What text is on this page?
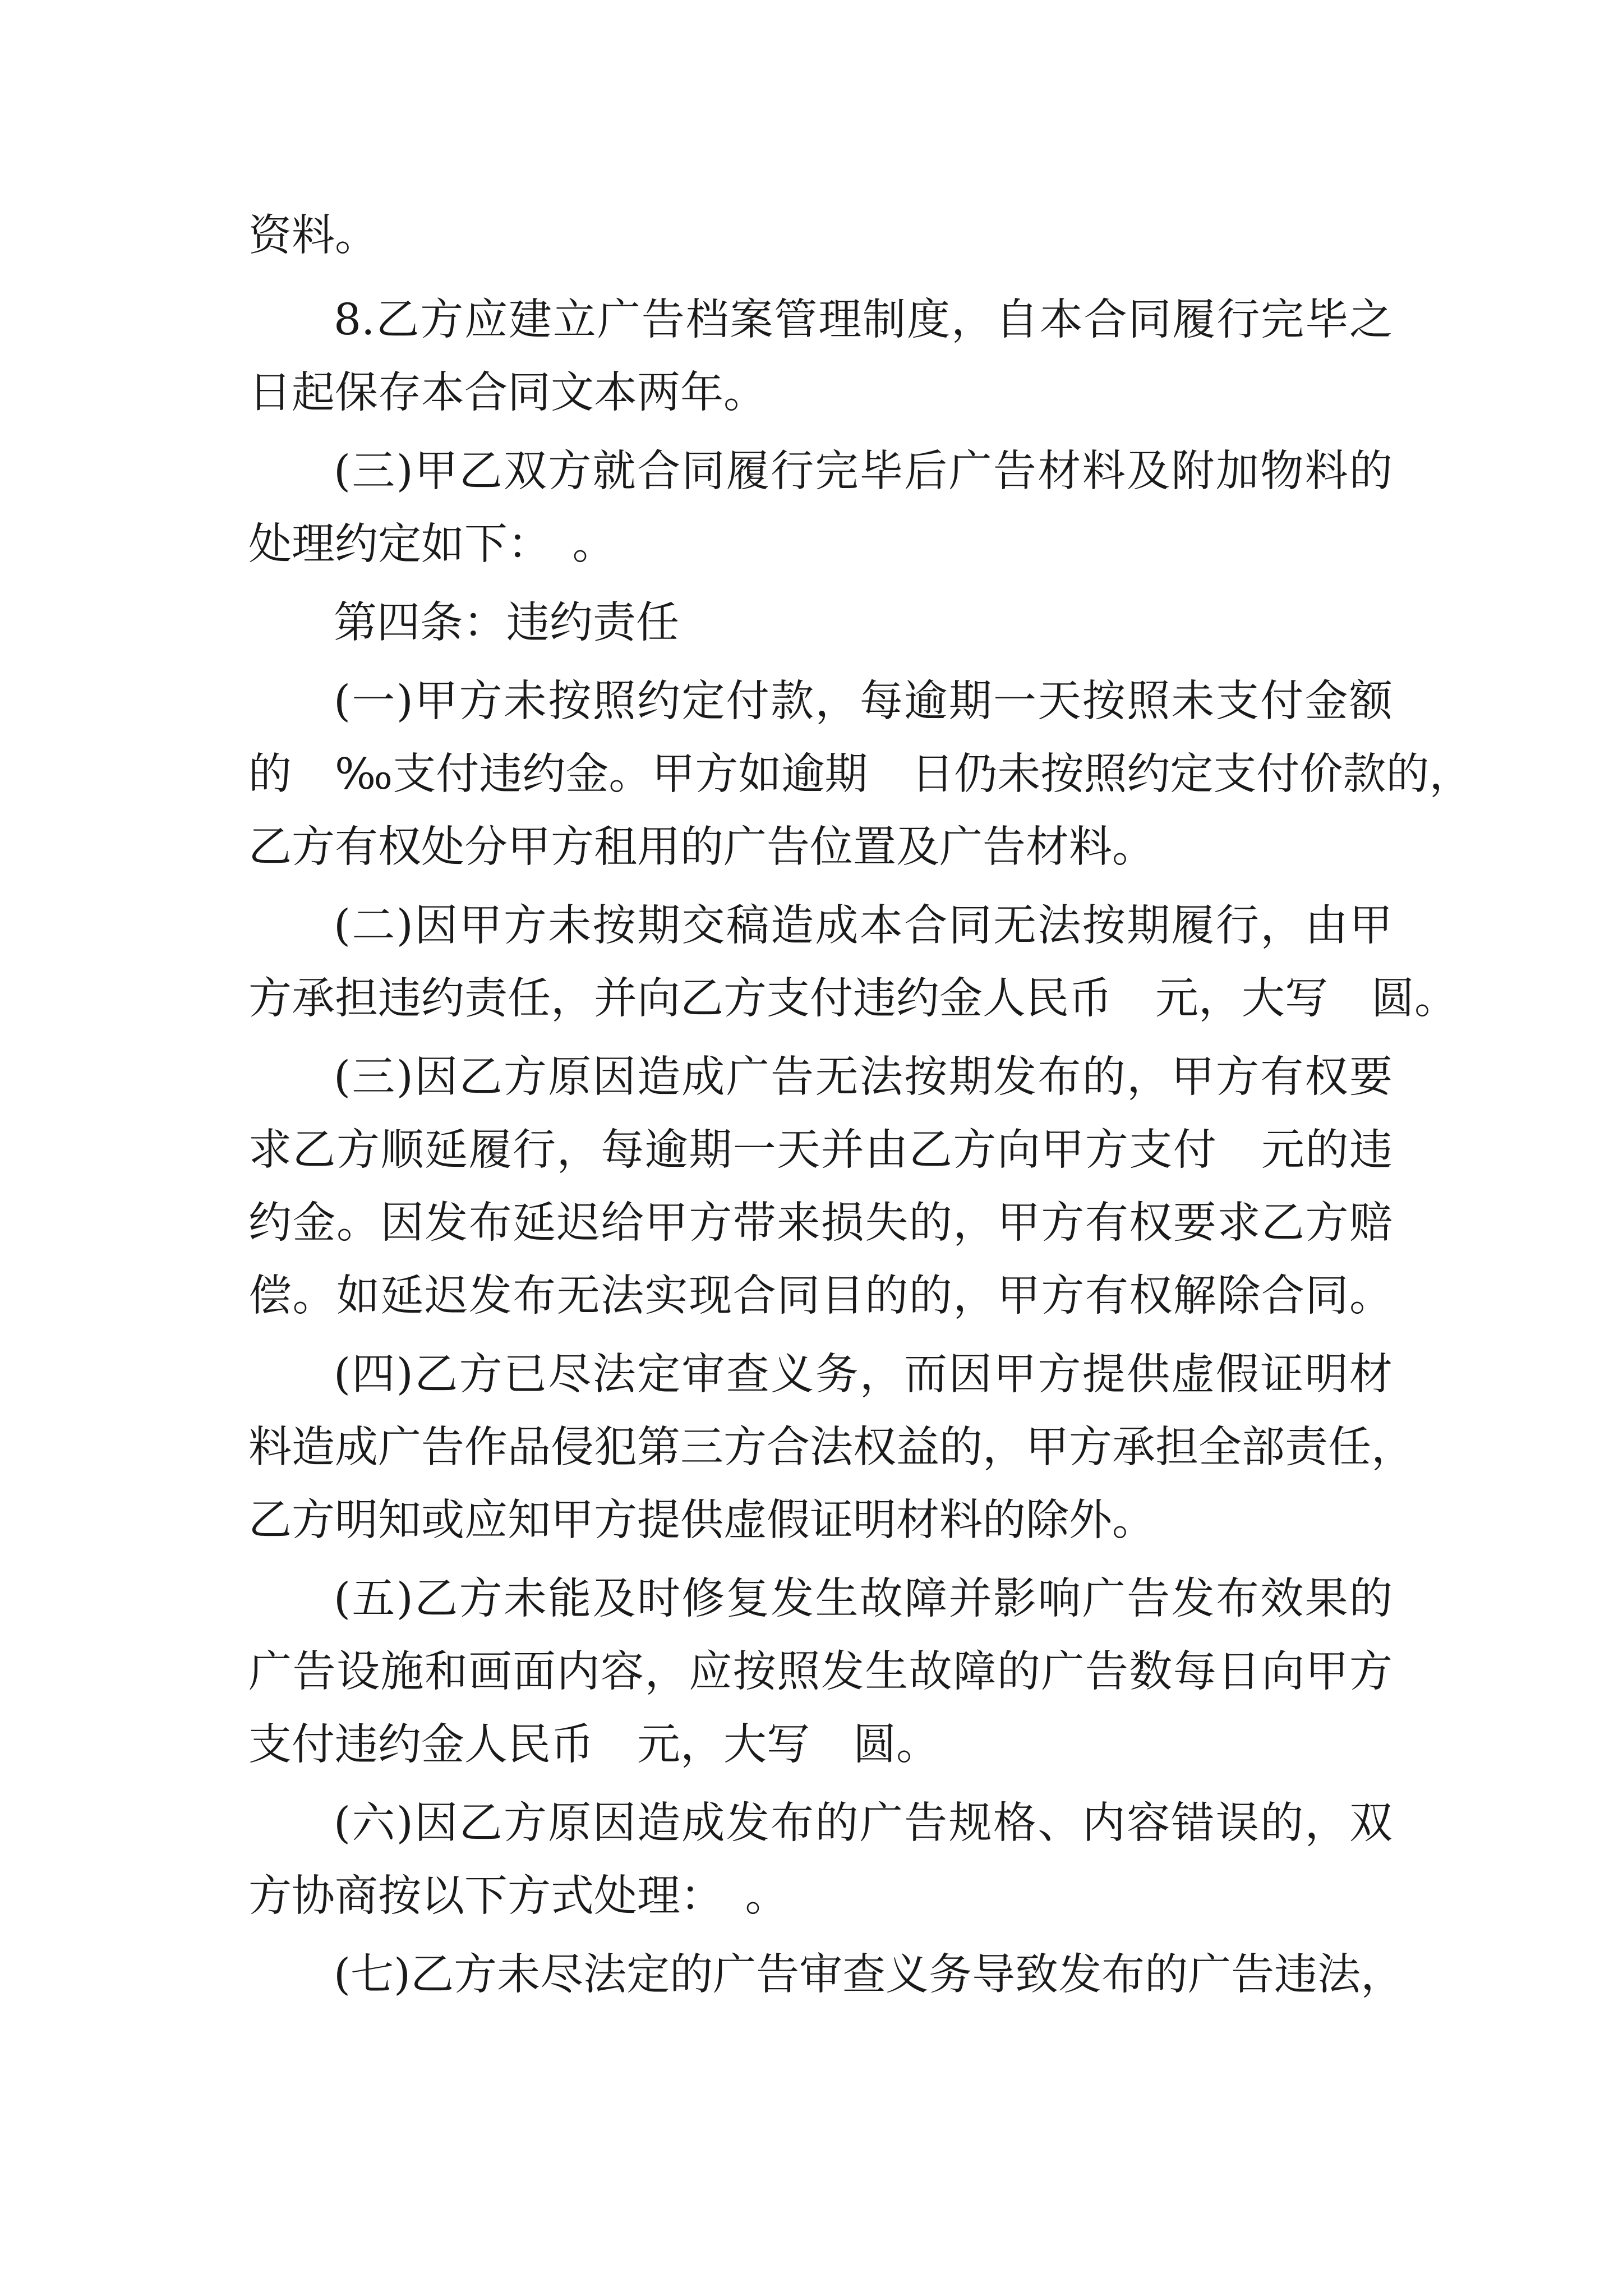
资料。

8.乙方应建立广告档案管理制度，自本合同履行完毕之

日起保存本合同文本两年。

(三)甲乙双方就合同履行完毕后广告材料及附加物料的

处理约定如下：　。

第四条：违约责任

(一)甲方未按照约定付款，每逾期一天按照未支付金额

的　‰支付违约金。甲方如逾期　日仍未按照约定支付价款的，

乙方有权处分甲方租用的广告位置及广告材料。

(二)因甲方未按期交稿造成本合同无法按期履行，由甲

方承担违约责任，并向乙方支付违约金人民币　元，大写　圆。

(三)因乙方原因造成广告无法按期发布的，甲方有权要

求乙方顺延履行，每逾期一天并由乙方向甲方支付　元的违

约金。因发布延迟给甲方带来损失的，甲方有权要求乙方赔

偿。如延迟发布无法实现合同目的的，甲方有权解除合同。

(四)乙方已尽法定审查义务，而因甲方提供虚假证明材

料造成广告作品侵犯第三方合法权益的，甲方承担全部责任，

乙方明知或应知甲方提供虚假证明材料的除外。

(五)乙方未能及时修复发生故障并影响广告发布效果的

广告设施和画面内容，应按照发生故障的广告数每日向甲方

支付违约金人民币　元，大写　圆。

(六)因乙方原因造成发布的广告规格、内容错误的，双

方协商按以下方式处理：　。

(七)乙方未尽法定的广告审查义务导致发布的广告违法，
